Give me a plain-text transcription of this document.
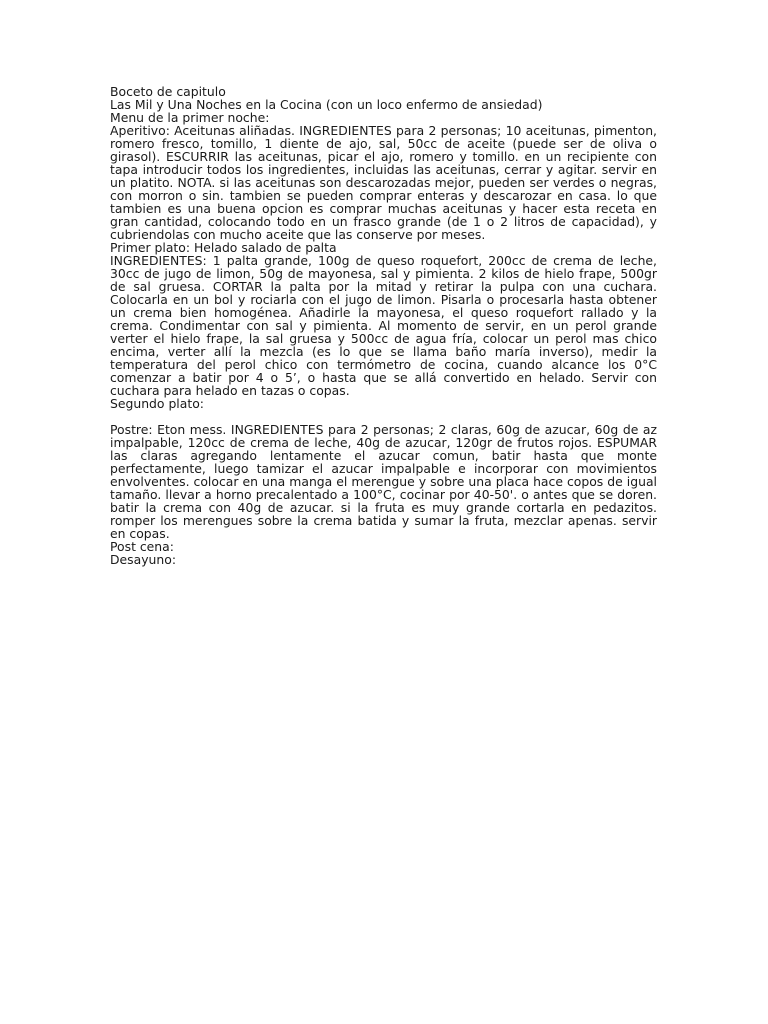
Boceto de capitulo

Las Mil y Una Noches en la Cocina (con un loco enfermo de ansiedad)

Menu de la primer noche:

Aperitivo: Aceitunas aliñadas. INGREDIENTES para 2 personas; 10 aceitunas, pimenton, romero fresco, tomillo, 1 diente de ajo, sal, 50cc de aceite (puede ser de oliva o girasol). ESCURRIR las aceitunas, picar el ajo, romero y tomillo. en un recipiente con tapa introducir todos los ingredientes, incluidas las aceitunas, cerrar y agitar. servir en un platito. NOTA. si las aceitunas son descarozadas mejor, pueden ser verdes o negras, con morron o sin. tambien se pueden comprar enteras y descarozar en casa. lo que tambien es una buena opcion es comprar muchas aceitunas y hacer esta receta en gran cantidad, colocando todo en un frasco grande (de 1 o 2 litros de capacidad), y cubriendolas con mucho aceite que las conserve por meses.

Primer plato: Helado salado de palta

INGREDIENTES: 1 palta grande, 100g de queso roquefort, 200cc de crema de leche, 30cc de jugo de limon, 50g de mayonesa, sal y pimienta. 2 kilos de hielo frape, 500gr de sal gruesa. CORTAR la palta por la mitad y retirar la pulpa con una cuchara. Colocarla en un bol y rociarla con el jugo de limon. Pisarla o procesarla hasta obtener un crema bien homogénea. Añadirle la mayonesa, el queso roquefort rallado y la crema. Condimentar con sal y pimienta. Al momento de servir, en un perol grande verter el hielo frape, la sal gruesa y 500cc de agua fría, colocar un perol mas chico encima, verter allí la mezcla (es lo que se llama baño maría inverso), medir la temperatura del perol chico con termómetro de cocina, cuando alcance los 0°C comenzar a batir por 4 o 5’, o hasta que se allá convertido en helado. Servir con cuchara para helado en tazas o copas.

Segundo plato:

Postre: Eton mess. INGREDIENTES para 2 personas; 2 claras, 60g de azucar, 60g de az impalpable, 120cc de crema de leche, 40g de azucar, 120gr de frutos rojos. ESPUMAR las claras agregando lentamente el azucar comun, batir hasta que monte perfectamente, luego tamizar el azucar impalpable e incorporar con movimientos envolventes. colocar en una manga el merengue y sobre una placa hace copos de igual tamaño. llevar a horno precalentado a 100°C, cocinar por 40-50'. o antes que se doren. batir la crema con 40g de azucar. si la fruta es muy grande cortarla en pedazitos. romper los merengues sobre la crema batida y sumar la fruta, mezclar apenas. servir en copas.

Post cena:

Desayuno:
